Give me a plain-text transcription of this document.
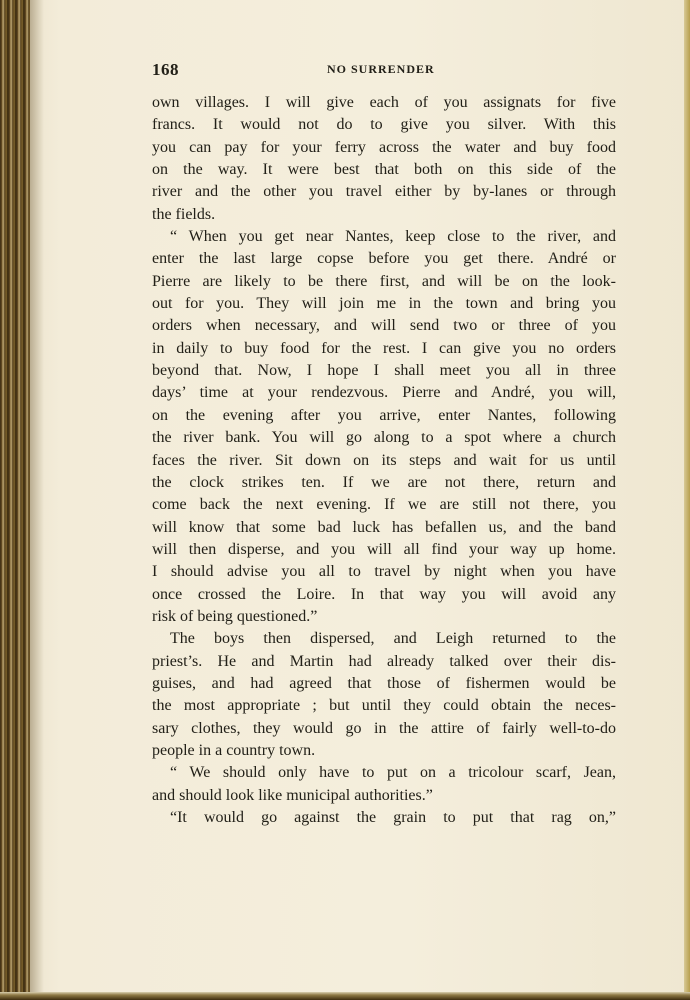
168	NO SURRENDER
own villages. I will give each of you assignats for five
francs. It would not do to give you silver. With this
you can pay for your ferry across the water and buy food
on the way. It were best that both on this side of the
river and the other you travel either by by-lanes or through
the fields.
“ When you get near Nantes, keep close to the river, and
enter the last large copse before you get there. André or
Pierre are likely to be there first, and will be on the look-
out for you. They will join me in the town and bring you
orders when necessary, and will send two or three of you
in daily to buy food for the rest. I can give you no orders
beyond that. Now, I hope I shall meet you all in three
days’ time at your rendezvous. Pierre and André, you will,
on the evening after you arrive, enter Nantes, following
the river bank. You will go along to a spot where a church
faces the river. Sit down on its steps and wait for us until
the clock strikes ten. If we are not there, return and
come back the next evening. If we are still not there, you
will know that some bad luck has befallen us, and the band
will then disperse, and you will all find your way up home.
I should advise you all to travel by night when you have
once crossed the Loire. In that way you will avoid any
risk of being questioned.”
The boys then dispersed, and Leigh returned to the
priest’s. He and Martin had already talked over their dis-
guises, and had agreed that those of fishermen would be
the most appropriate ; but until they could obtain the neces-
sary clothes, they would go in the attire of fairly well-to-do
people in a country town.
“ We should only have to put on a tricolour scarf, Jean,
and should look like municipal authorities.”
“It would go against the grain to put that rag on,”
